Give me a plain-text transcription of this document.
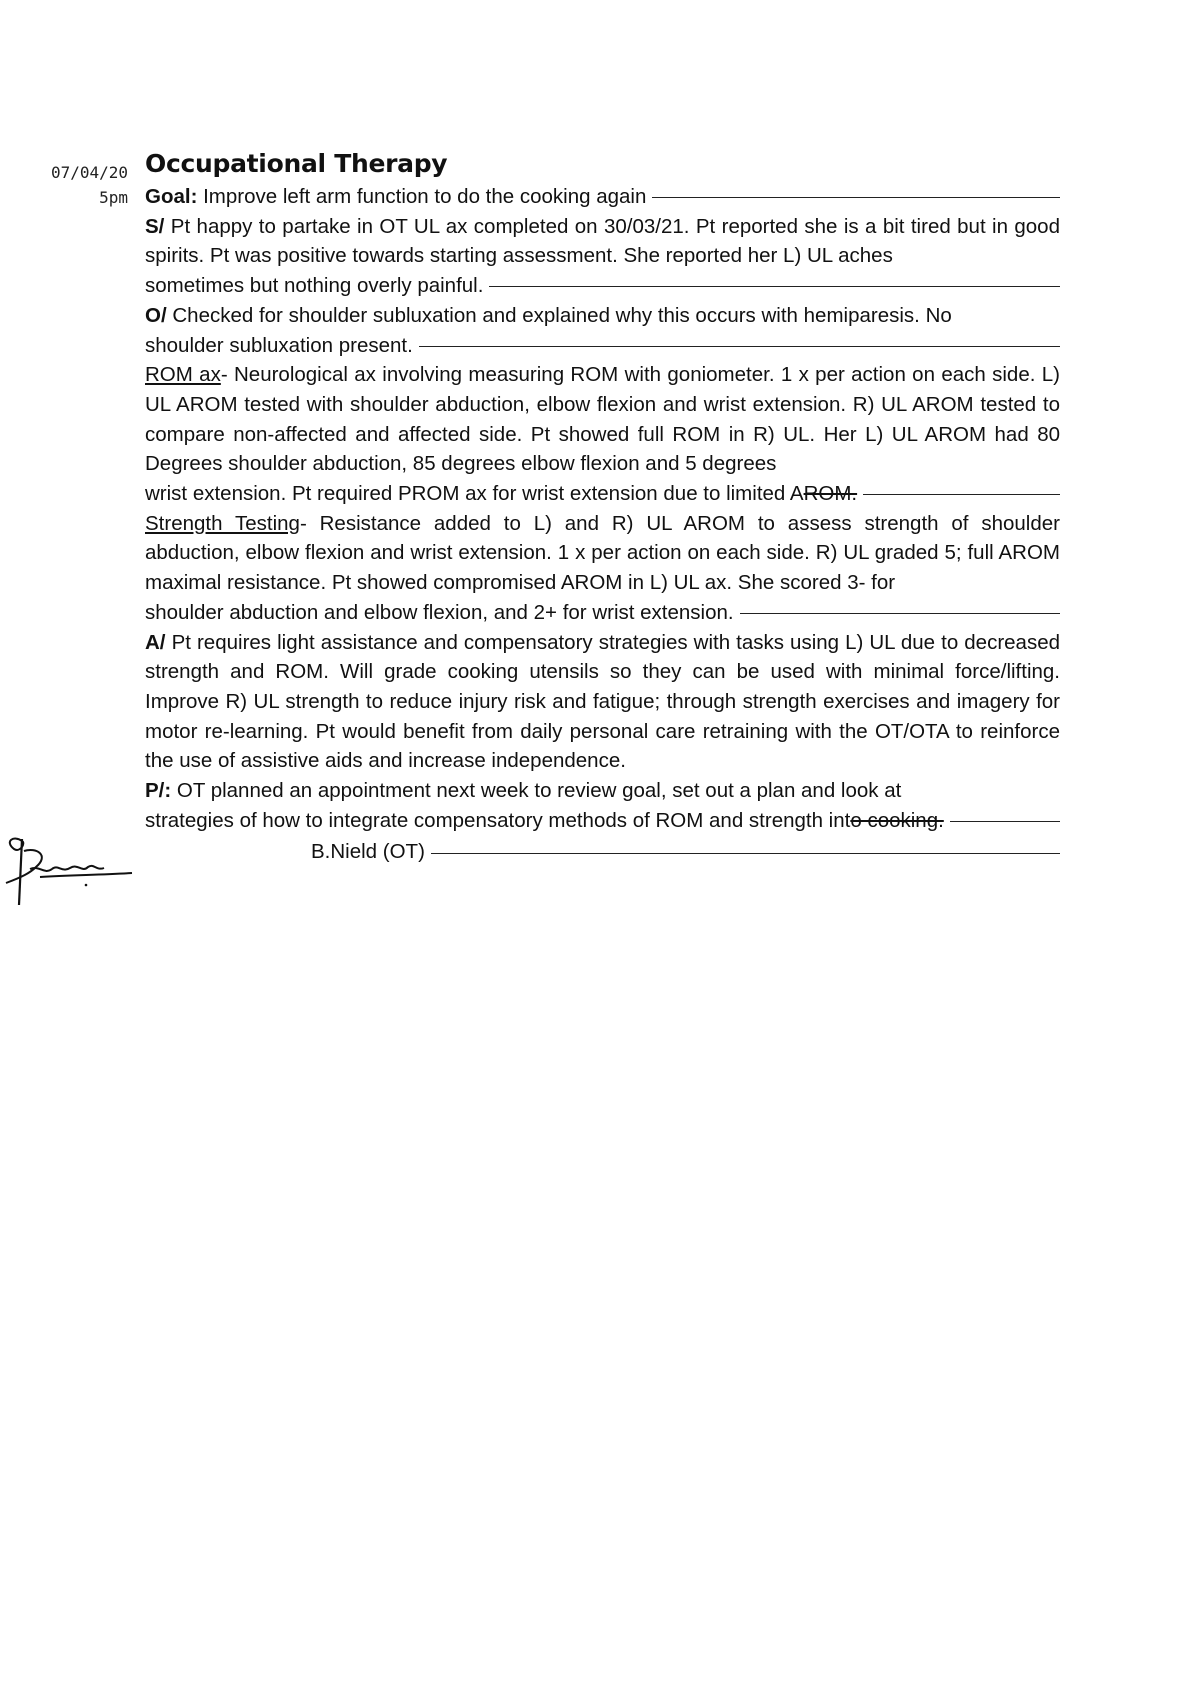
07/04/20
5pm
Occupational Therapy
Goal:
Improve left arm function to do the cooking again
S/ Pt happy to partake in OT UL ax completed on 30/03/21. Pt reported she is a bit tired but in good spirits. Pt was positive towards starting assessment. She reported her L) UL aches
sometimes but nothing overly painful.
O/ Checked for shoulder subluxation and explained why this occurs with hemiparesis. No
shoulder subluxation present.
ROM ax- Neurological ax involving measuring ROM with goniometer. 1 x per action on each side. L) UL AROM tested with shoulder abduction, elbow flexion and wrist extension. R) UL AROM tested to compare non-affected and affected side. Pt showed full ROM in R) UL. Her L) UL AROM had 80 Degrees shoulder abduction, 85 degrees elbow flexion and 5 degrees
wrist extension. Pt required PROM ax for wrist extension due to limited A ROM.
Strength Testing- Resistance added to L) and R) UL AROM to assess strength of shoulder abduction, elbow flexion and wrist extension. 1 x per action on each side. R) UL graded 5; full AROM maximal resistance. Pt showed compromised AROM in L) UL ax. She scored 3- for
shoulder abduction and elbow flexion, and 2+ for wrist extension.
A/ Pt requires light assistance and compensatory strategies with tasks using L) UL due to decreased strength and ROM. Will grade cooking utensils so they can be used with minimal force/lifting. Improve R) UL strength to reduce injury risk and fatigue; through strength exercises and imagery for motor re-learning. Pt would benefit from daily personal care retraining with the OT/OTA to reinforce the use of assistive aids and increase independence.
P/: OT planned an appointment next week to review goal, set out a plan and look at
strategies of how to integrate compensatory methods of ROM and strength int o cooking.
B.Nield (OT)
